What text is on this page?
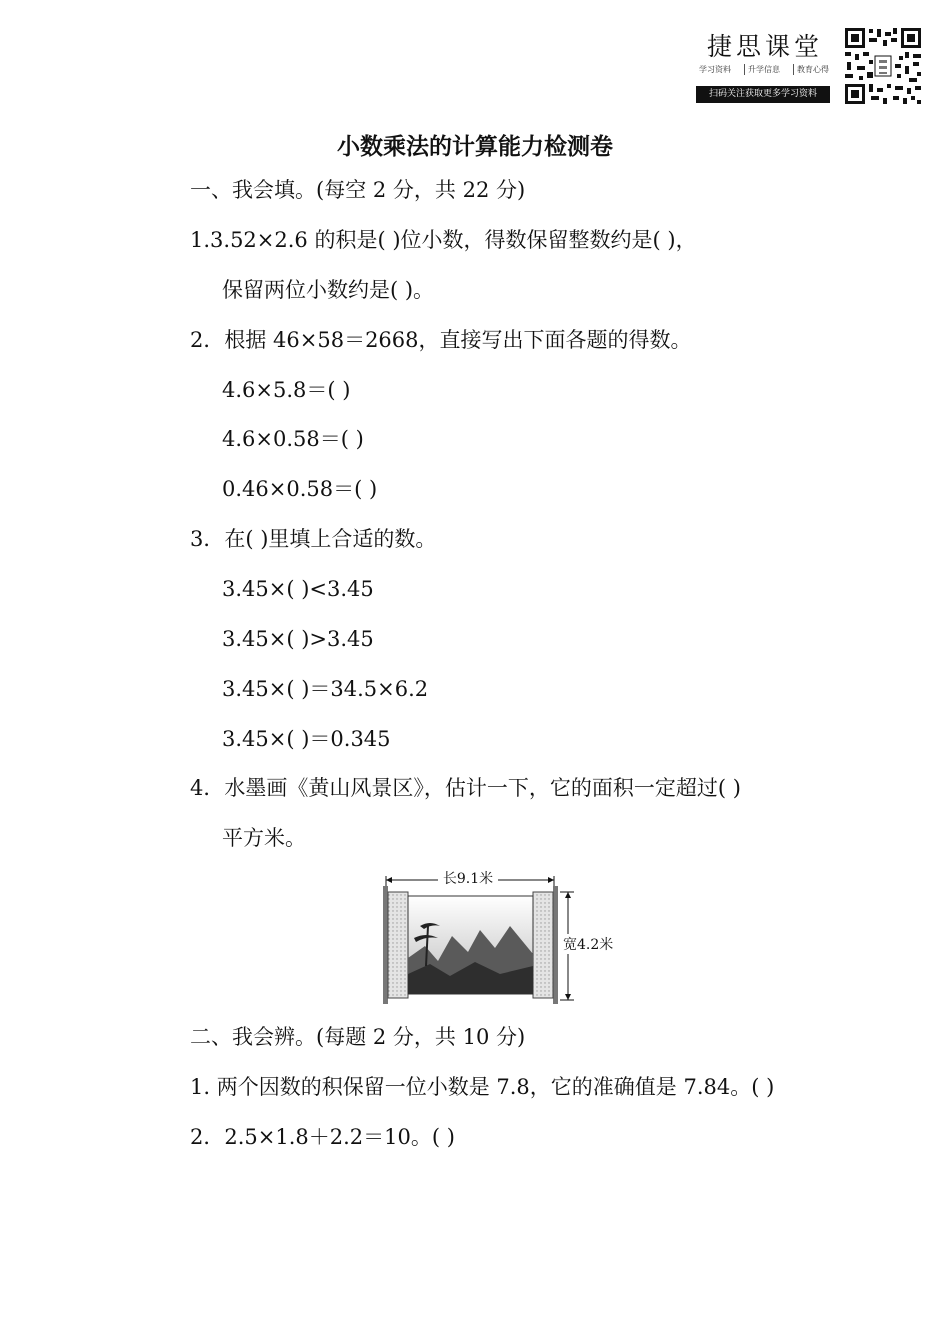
捷思课堂
学习资料	升学信息	教育心得
扫码关注获取更多学习资料
小数乘法的计算能力检测卷
一、我会填。(每空 2 分，共 22 分)
1.3.52×2.6 的积是( )位小数，得数保留整数约是( )，
保留两位小数约是( )。
2．根据 46×58＝2668，直接写出下面各题的得数。
4.6×5.8＝( )
4.6×0.58＝( )
0.46×0.58＝( )
3．在( )里填上合适的数。
3.45×( )<3.45
3.45×( )>3.45
3.45×( )＝34.5×6.2
3.45×( )＝0.345
4．水墨画《黄山风景区》，估计一下，它的面积一定超过( )
平方米。
长9.1米
宽4.2米
二、我会辨。(每题 2 分，共 10 分)
1. 两个因数的积保留一位小数是 7.8，它的准确值是 7.84。( )
2．2.5×1.8＋2.2＝10。( )
